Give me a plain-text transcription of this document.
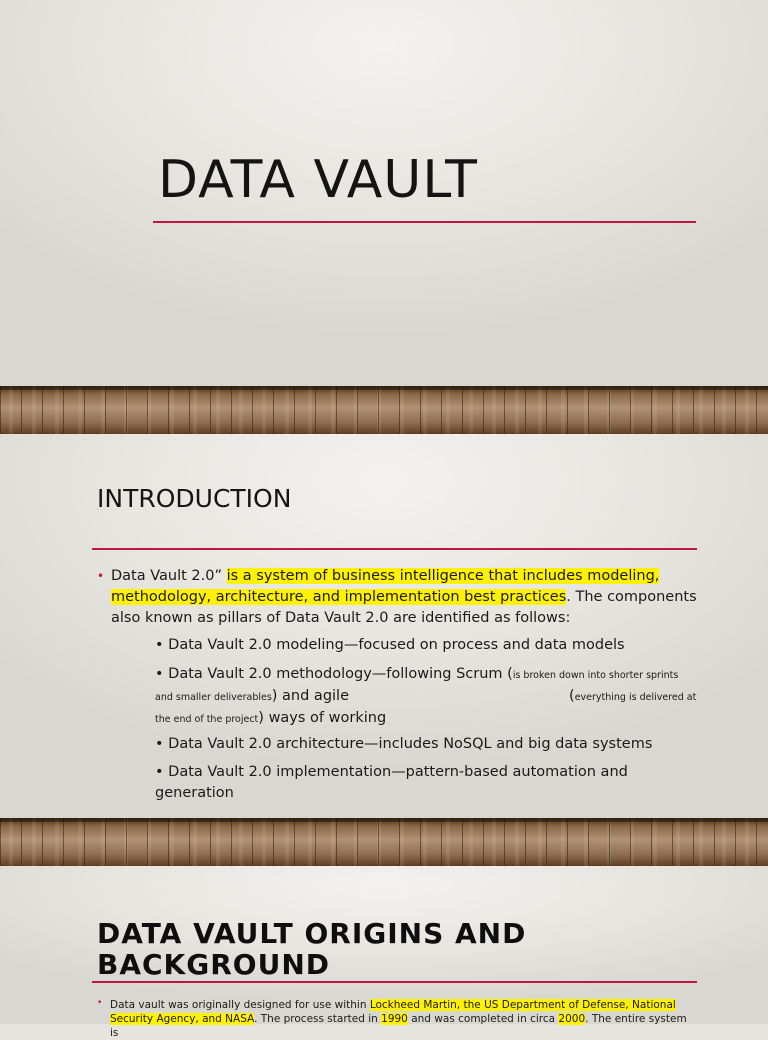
DATA VAULT
INTRODUCTION
• Data Vault 2.0” is a system of business intelligence that includes modeling, methodology, architecture, and implementation best practices. The components also known as pillars of Data Vault 2.0 are identified as follows:
• Data Vault 2.0 modeling—focused on process and data models
• Data Vault 2.0 methodology—following Scrum (is broken down into shorter sprints and smaller deliverables) and agile	(everything is delivered at the end of the project) ways of working
• Data Vault 2.0 architecture—includes NoSQL and big data systems
• Data Vault 2.0 implementation—pattern-based automation and generation
DATA VAULT ORIGINS AND BACKGROUND
• Data vault was originally designed for use within Lockheed Martin, the US Department of Defense, National Security Agency, and NASA. The process started in 1990 and was completed in circa 2000. The entire system is
